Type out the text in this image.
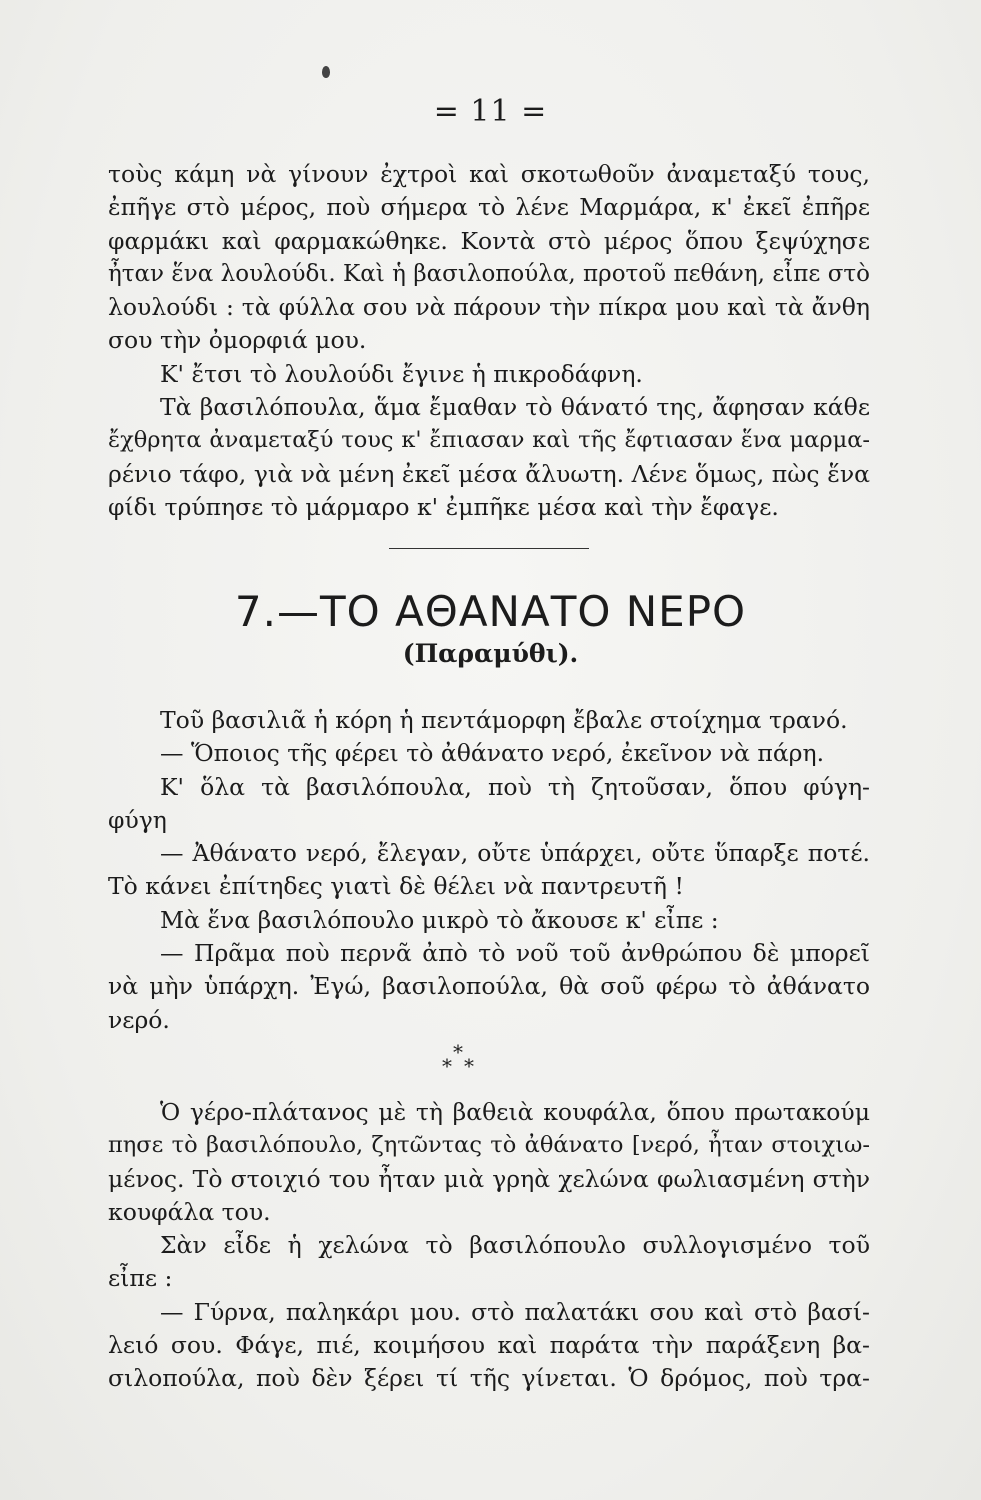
= 11 =
τοὺς κάμη νὰ γίνουν ἐχτροὶ καὶ σκοτωθοῦν ἀναμεταξύ τους,
ἐπῆγε στὸ μέρος, ποὺ σήμερα τὸ λένε Μαρμάρα, κ' ἐκεῖ ἐπῆρε
φαρμάκι καὶ φαρμακώθηκε. Κοντὰ στὸ μέρος ὅπου ξεψύχησε
ἦταν ἕνα λουλούδι. Καὶ ἡ βασιλοπούλα, προτοῦ πεθάνη, εἶπε στὸ
λουλούδι : τὰ φύλλα σου νὰ πάρουν τὴν πίκρα μου καὶ τὰ ἄνθη
σου τὴν ὀμορφιά μου.
Κ' ἔτσι τὸ λουλούδι ἔγινε ἡ πικροδάφνη.
Τὰ βασιλόπουλα, ἅμα ἔμαθαν τὸ θάνατό της, ἄφησαν κάθε
ἔχθρητα ἀναμεταξύ τους κ' ἔπιασαν καὶ τῆς ἔφτιασαν ἕνα μαρμα-
ρένιο τάφο, γιὰ νὰ μένη ἐκεῖ μέσα ἄλυωτη. Λένε ὅμως, πὼς ἕνα
φίδι τρύπησε τὸ μάρμαρο κ' ἐμπῆκε μέσα καὶ τὴν ἔφαγε.
7.—ΤΟ ΑΘΑΝΑΤΟ ΝΕΡΟ
(Παραμύθι).
Τοῦ βασιλιᾶ ἡ κόρη ἡ πεντάμορφη ἔβαλε στοίχημα τρανό.
— Ὅποιος τῆς φέρει τὸ ἀθάνατο νερό, ἐκεῖνον νὰ πάρη.
Κ' ὅλα τὰ βασιλόπουλα, ποὺ τὴ ζητοῦσαν, ὅπου φύγη-
φύγη
— Ἀθάνατο νερό, ἔλεγαν, οὔτε ὑπάρχει, οὔτε ὕπαρξε ποτέ.
Τὸ κάνει ἐπίτηδες γιατὶ δὲ θέλει νὰ παντρευτῆ !
Μὰ ἕνα βασιλόπουλο μικρὸ τὸ ἄκουσε κ' εἶπε :
— Πρᾶμα ποὺ περνᾶ ἀπὸ τὸ νοῦ τοῦ ἀνθρώπου δὲ μπορεῖ
νὰ μὴν ὑπάρχη. Ἐγώ, βασιλοπούλα, θὰ σοῦ φέρω τὸ ἀθάνατο
νερό.
*
* *
Ὁ γέρο-πλάτανος μὲ τὴ βαθειὰ κουφάλα, ὅπου πρωτακούμ
πησε τὸ βασιλόπουλο, ζητῶντας τὸ ἀθάνατο [νερό, ἦταν στοιχιω-
μένος. Τὸ στοιχιό του ἦταν μιὰ γρηὰ χελώνα φωλιασμένη στὴν
κουφάλα του.
Σὰν εἶδε ἡ χελώνα τὸ βασιλόπουλο συλλογισμένο τοῦ
εἶπε :
— Γύρνα, παληκάρι μου. στὸ παλατάκι σου καὶ στὸ βασί-
λειό σου. Φάγε, πιέ, κοιμήσου καὶ παράτα τὴν παράξενη βα-
σιλοπούλα, ποὺ δὲν ξέρει τί τῆς γίνεται. Ὁ δρόμος, ποὺ τρα-
